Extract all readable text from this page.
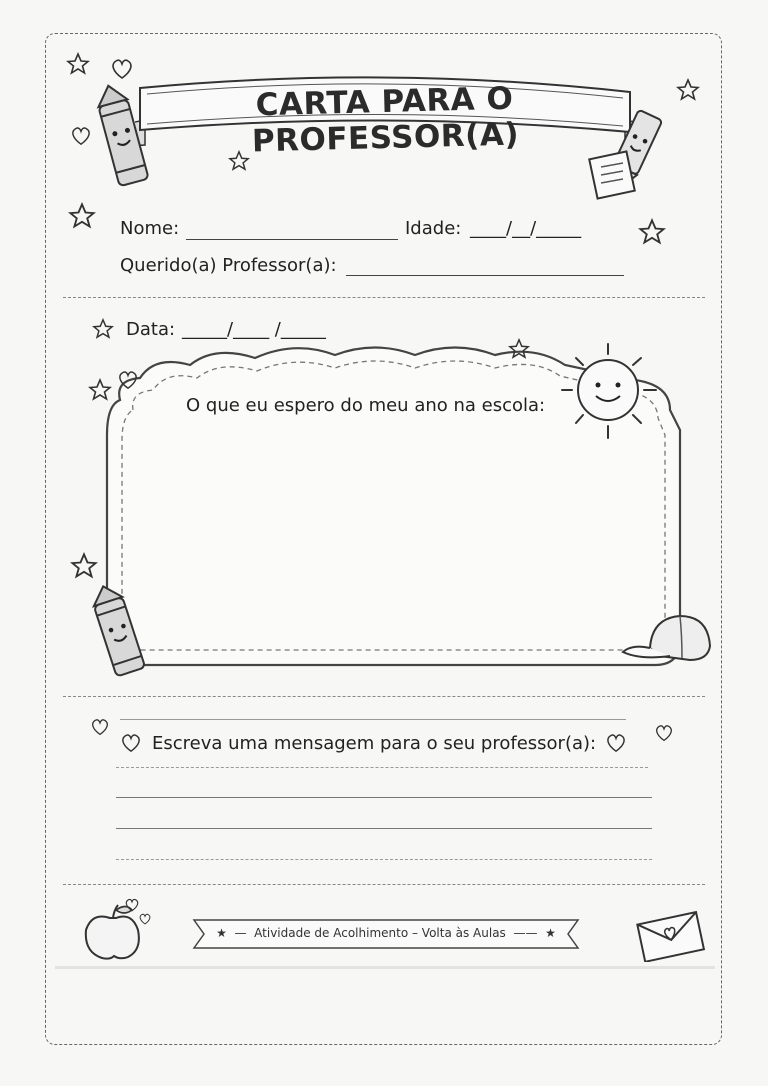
CARTA PARA O PROFESSOR(A)
Nome:	Idade: ____/__/_____
Querido(a) Professor(a):
Data: _____/____ /_____
O que eu espero do meu ano na escola:
Escreva uma mensagem para o seu professor(a):
★  —  Atividade de Acolhimento – Volta às Aulas  ——  ★
